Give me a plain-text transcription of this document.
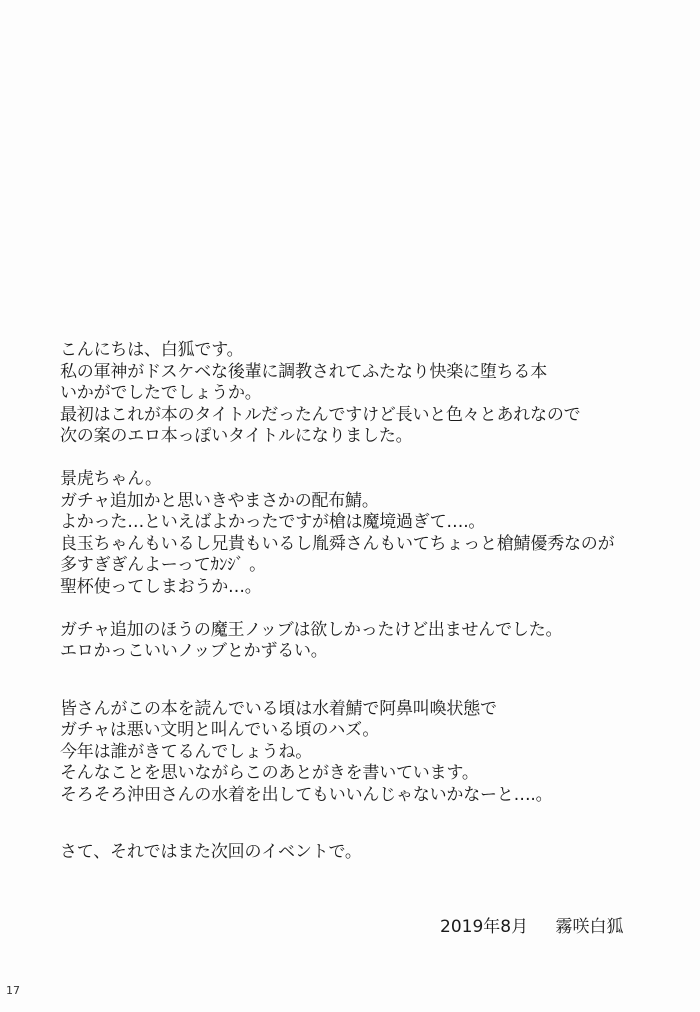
こんにちは、白狐です。
私の軍神がドスケベな後輩に調教されてふたなり快楽に堕ちる本
いかがでしたでしょうか。
最初はこれが本のタイトルだったんですけど長いと色々とあれなので
次の案のエロ本っぽいタイトルになりました。
景虎ちゃん。
ガチャ追加かと思いきやまさかの配布鯖。
よかった…といえばよかったですが槍は魔境過ぎて….。
良玉ちゃんもいるし兄貴もいるし胤舜さんもいてちょっと槍鯖優秀なのが
多すぎぎんよーってｶﾝｼﾞ 。
聖杯使ってしまおうか…。
ガチャ追加のほうの魔王ノッブは欲しかったけど出ませんでした。
エロかっこいいノッブとかずるい。
皆さんがこの本を読んでいる頃は水着鯖で阿鼻叫喚状態で
ガチャは悪い文明と叫んでいる頃のハズ。
今年は誰がきてるんでしょうね。
そんなことを思いながらこのあとがきを書いています。
そろそろ沖田さんの水着を出してもいいんじゃないかなーと….。
さて、それではまた次回のイベントで。
2019年8月 霧咲白狐
17
